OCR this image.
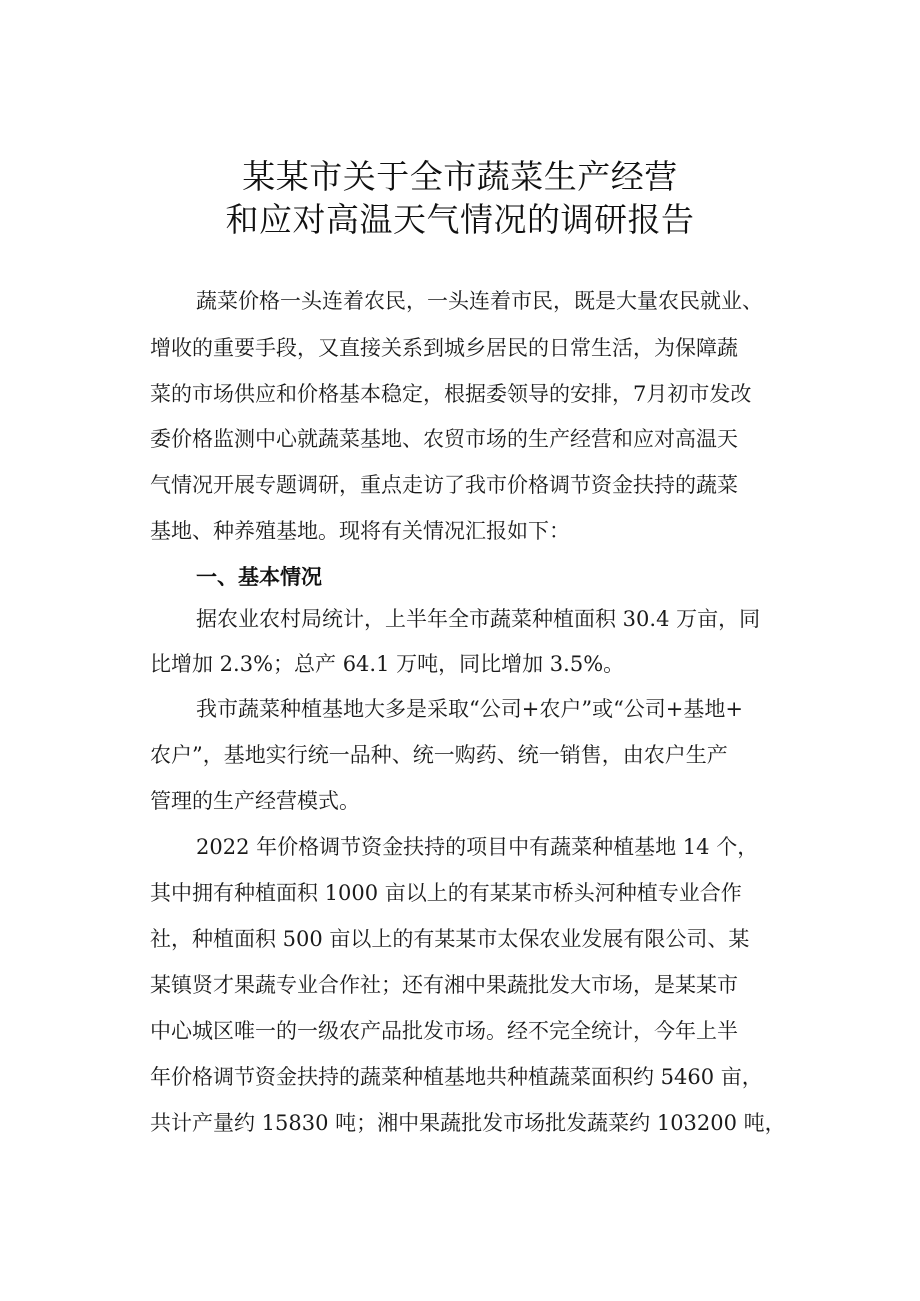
某某市关于全市蔬菜生产经营
和应对高温天气情况的调研报告
蔬菜价格一头连着农民，一头连着市民，既是大量农民就业、
增收的重要手段，又直接关系到城乡居民的日常生活，为保障蔬
菜的市场供应和价格基本稳定，根据委领导的安排，7月初市发改
委价格监测中心就蔬菜基地、农贸市场的生产经营和应对高温天
气情况开展专题调研，重点走访了我市价格调节资金扶持的蔬菜
基地、种养殖基地。现将有关情况汇报如下：
一、基本情况
据农业农村局统计，上半年全市蔬菜种植面积 30.4 万亩，同
比增加 2.3%；总产 64.1 万吨，同比增加 3.5%。
我市蔬菜种植基地大多是采取“公司+农户”或“公司+基地+
农户”，基地实行统一品种、统一购药、统一销售，由农户生产
管理的生产经营模式。
2022 年价格调节资金扶持的项目中有蔬菜种植基地 14 个，
其中拥有种植面积 1000 亩以上的有某某市桥头河种植专业合作
社，种植面积 500 亩以上的有某某市太保农业发展有限公司、某
某镇贤才果蔬专业合作社；还有湘中果蔬批发大市场，是某某市
中心城区唯一的一级农产品批发市场。经不完全统计，今年上半
年价格调节资金扶持的蔬菜种植基地共种植蔬菜面积约 5460 亩，
共计产量约 15830 吨；湘中果蔬批发市场批发蔬菜约 103200 吨，
